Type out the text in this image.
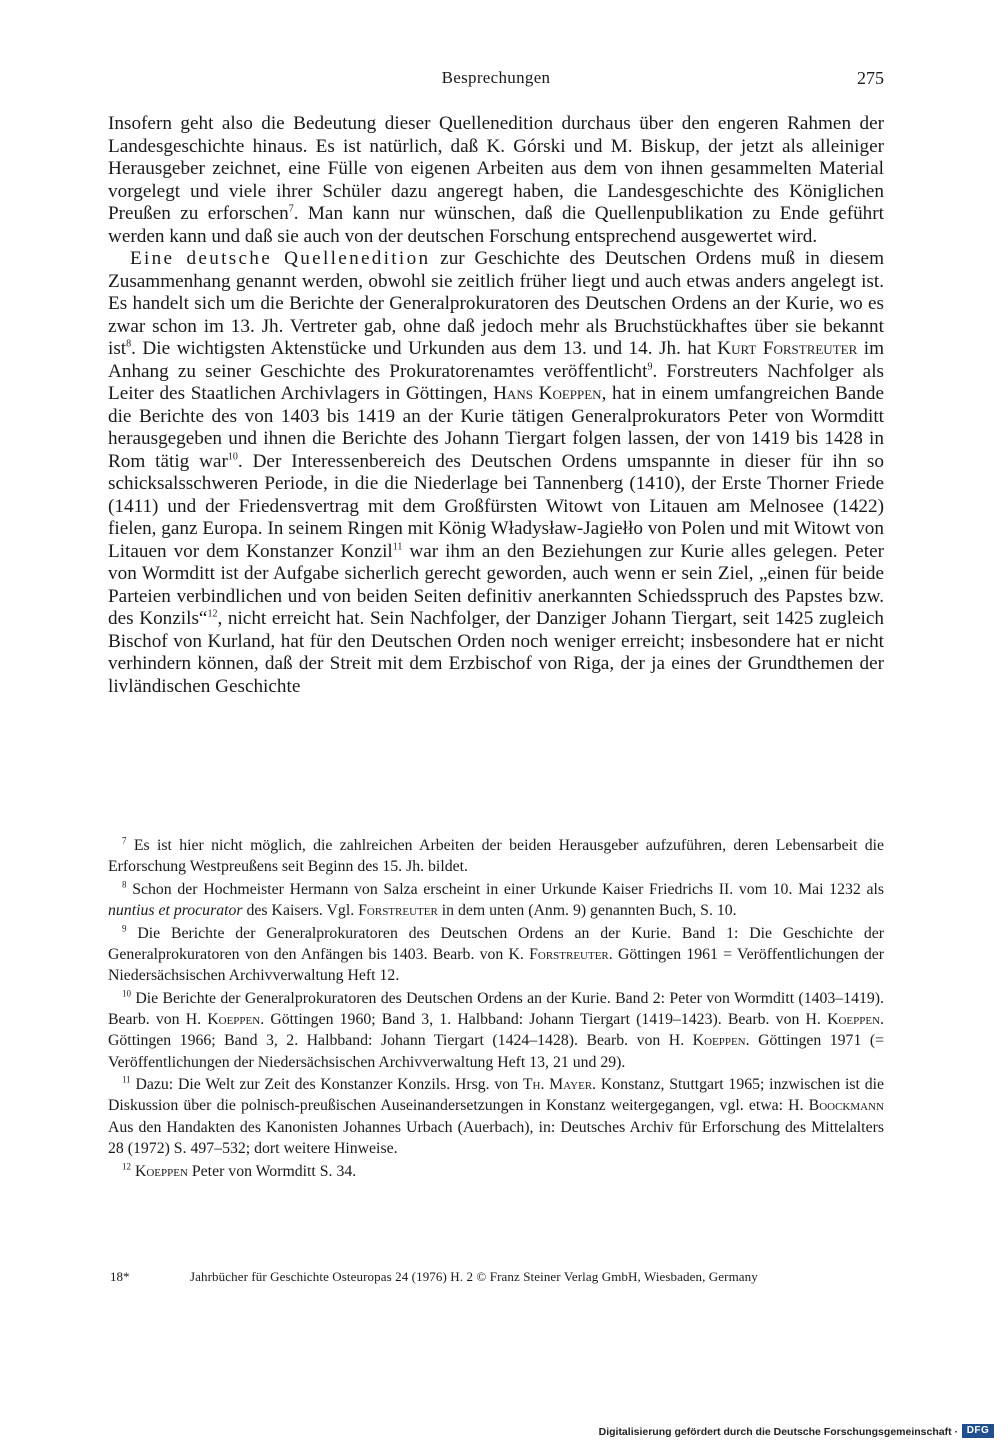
Besprechungen	275

Insofern geht also die Bedeutung dieser Quellenedition durchaus über den engeren Rahmen der Landesgeschichte hinaus. Es ist natürlich, daß K. Górski und M. Biskup, der jetzt als alleiniger Herausgeber zeichnet, eine Fülle von eigenen Arbeiten aus dem von ihnen gesammelten Material vorgelegt und viele ihrer Schüler dazu angeregt haben, die Landesgeschichte des Königlichen Preußen zu erforschen$^7$. Man kann nur wünschen, daß die Quellenpublikation zu Ende geführt werden kann und daß sie auch von der deutschen Forschung entsprechend ausgewertet wird.

Eine deutsche Quellenedition zur Geschichte des Deutschen Ordens muß in diesem Zusammenhang genannt werden, obwohl sie zeitlich früher liegt und auch etwas anders angelegt ist. Es handelt sich um die Berichte der Generalprokuratoren des Deutschen Ordens an der Kurie, wo es zwar schon im 13. Jh. Vertreter gab, ohne daß jedoch mehr als Bruchstückhaftes über sie bekannt ist$^8$. Die wichtigsten Aktenstücke und Urkunden aus dem 13. und 14. Jh. hat Kurt Forstreuter im Anhang zu seiner Geschichte des Prokuratorenamtes veröffentlicht$^9$. Forstreuters Nachfolger als Leiter des Staatlichen Archivlagers in Göttingen, Hans Koeppen, hat in einem umfangreichen Bande die Berichte des von 1403 bis 1419 an der Kurie tätigen Generalprokurators Peter von Wormditt herausgegeben und ihnen die Berichte des Johann Tiergart folgen lassen, der von 1419 bis 1428 in Rom tätig war$^{10}$. Der Interessenbereich des Deutschen Ordens umspannte in dieser für ihn so schicksalsschweren Periode, in die die Niederlage bei Tannenberg (1410), der Erste Thorner Friede (1411) und der Friedensvertrag mit dem Großfürsten Witowt von Litauen am Melnosee (1422) fielen, ganz Europa. In seinem Ringen mit König Władysław-Jagiełło von Polen und mit Witowt von Litauen vor dem Konstanzer Konzil$^{11}$ war ihm an den Beziehungen zur Kurie alles gelegen. Peter von Wormditt ist der Aufgabe sicherlich gerecht geworden, auch wenn er sein Ziel, „einen für beide Parteien verbindlichen und von beiden Seiten definitiv anerkannten Schiedsspruch des Papstes bzw. des Konzils“$^{12}$, nicht erreicht hat. Sein Nachfolger, der Danziger Johann Tiergart, seit 1425 zugleich Bischof von Kurland, hat für den Deutschen Orden noch weniger erreicht; insbesondere hat er nicht verhindern können, daß der Streit mit dem Erzbischof von Riga, der ja eines der Grundthemen der livländischen Geschichte

$^7$ Es ist hier nicht möglich, die zahlreichen Arbeiten der beiden Herausgeber aufzuführen, deren Lebensarbeit die Erforschung Westpreußens seit Beginn des 15. Jh. bildet.

$^8$ Schon der Hochmeister Hermann von Salza erscheint in einer Urkunde Kaiser Friedrichs II. vom 10. Mai 1232 als nuntius et procurator des Kaisers. Vgl. Forstreuter in dem unten (Anm. 9) genannten Buch, S. 10.

$^9$ Die Berichte der Generalprokuratoren des Deutschen Ordens an der Kurie. Band 1: Die Geschichte der Generalprokuratoren von den Anfängen bis 1403. Bearb. von K. Forstreuter. Göttingen 1961 = Veröffentlichungen der Niedersächsischen Archivverwaltung Heft 12.

$^{10}$ Die Berichte der Generalprokuratoren des Deutschen Ordens an der Kurie. Band 2: Peter von Wormditt (1403–1419). Bearb. von H. Koeppen. Göttingen 1960; Band 3, 1. Halbband: Johann Tiergart (1419–1423). Bearb. von H. Koeppen. Göttingen 1966; Band 3, 2. Halbband: Johann Tiergart (1424–1428). Bearb. von H. Koeppen. Göttingen 1971 (= Veröffentlichungen der Niedersächsischen Archivverwaltung Heft 13, 21 und 29).

$^{11}$ Dazu: Die Welt zur Zeit des Konstanzer Konzils. Hrsg. von Th. Mayer. Konstanz, Stuttgart 1965; inzwischen ist die Diskussion über die polnisch-preußischen Auseinandersetzungen in Konstanz weitergegangen, vgl. etwa: H. Boockmann Aus den Handakten des Kanonisten Johannes Urbach (Auerbach), in: Deutsches Archiv für Erforschung des Mittelalters 28 (1972) S. 497–532; dort weitere Hinweise.

$^{12}$ Koeppen Peter von Wormditt S. 34.

18*	Jahrbücher für Geschichte Osteuropas 24 (1976) H. 2 © Franz Steiner Verlag GmbH, Wiesbaden, Germany
Digitalisierung gefördert durch die Deutsche Forschungsgemeinschaft · DFG
